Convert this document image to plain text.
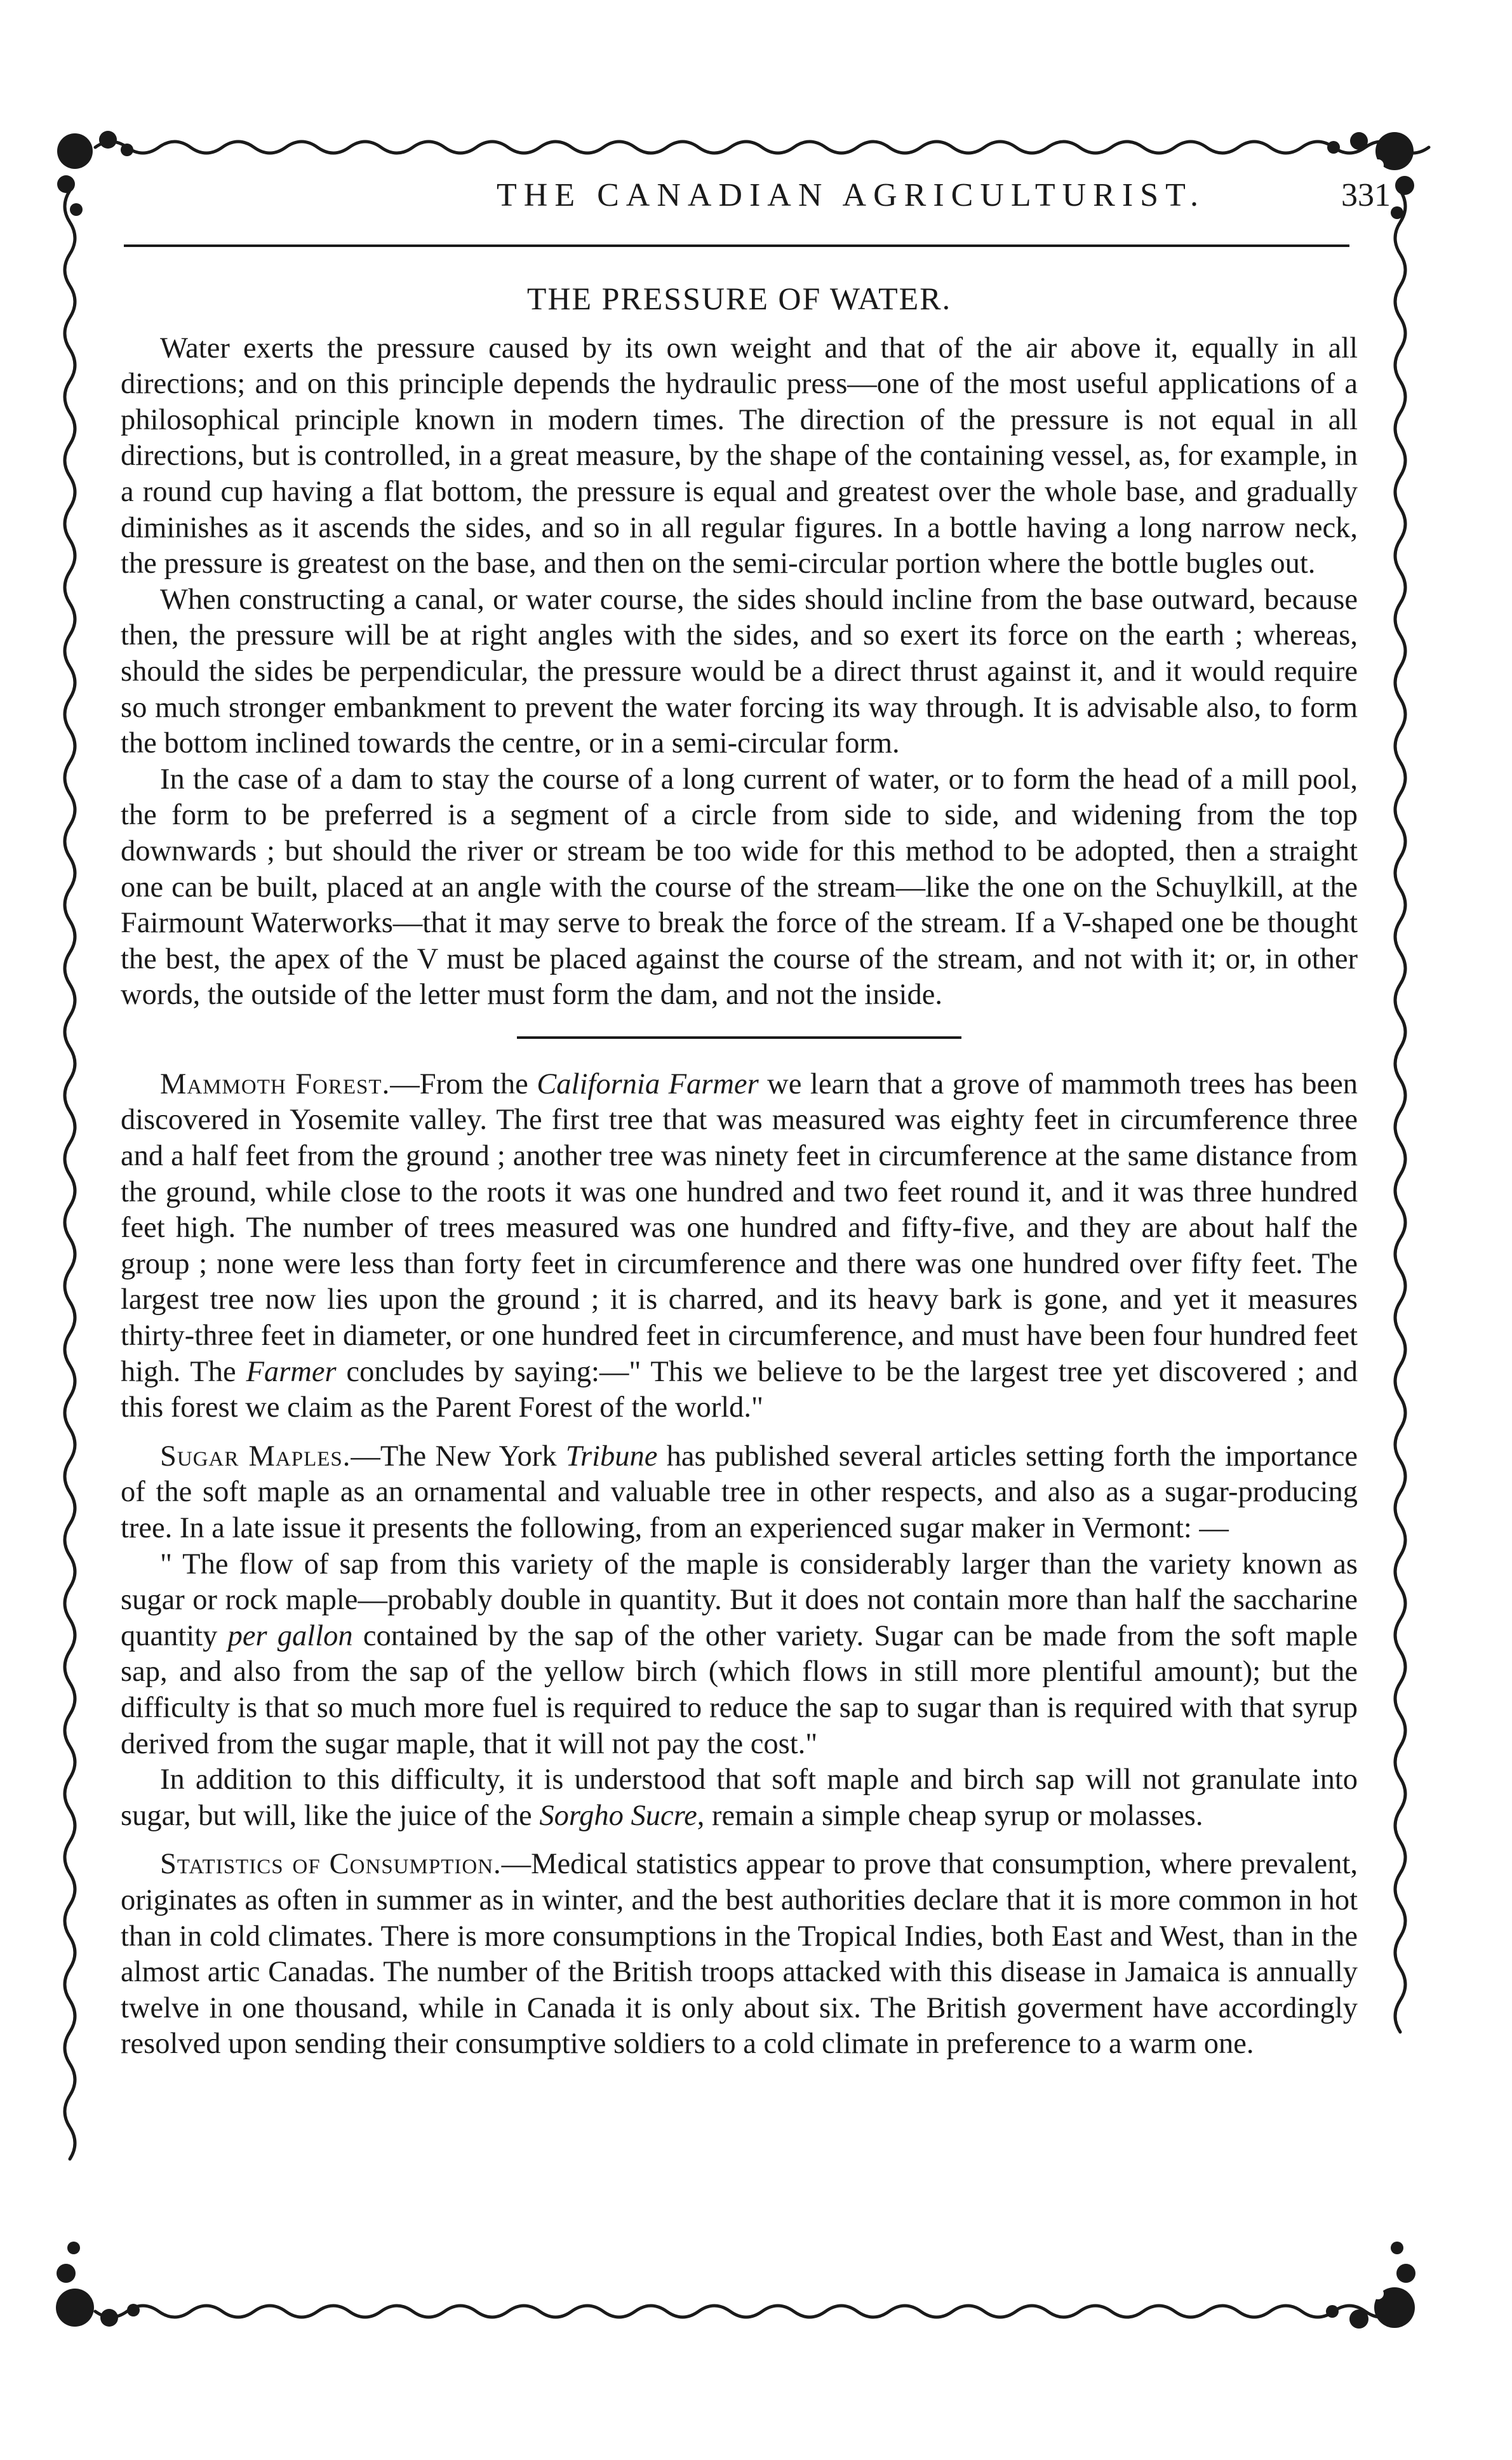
THE CANADIAN AGRICULTURIST.	331
THE PRESSURE OF WATER.

Water exerts the pressure caused by its own weight and that of the air above it, equally in all directions; and on this principle depends the hydraulic press—one of the most useful applications of a philosophical principle known in modern times. The direction of the pressure is not equal in all directions, but is controlled, in a great measure, by the shape of the containing vessel, as, for example, in a round cup having a flat bottom, the pressure is equal and greatest over the whole base, and gradually diminishes as it ascends the sides, and so in all regular figures. In a bottle having a long narrow neck, the pressure is greatest on the base, and then on the semi-circular portion where the bottle bugles out.

When constructing a canal, or water course, the sides should incline from the base outward, because then, the pressure will be at right angles with the sides, and so exert its force on the earth ; whereas, should the sides be perpendicular, the pressure would be a direct thrust against it, and it would require so much stronger embankment to prevent the water forcing its way through. It is advisable also, to form the bottom inclined towards the centre, or in a semi-circular form.

In the case of a dam to stay the course of a long current of water, or to form the head of a mill pool, the form to be preferred is a segment of a circle from side to side, and widening from the top downwards ; but should the river or stream be too wide for this method to be adopted, then a straight one can be built, placed at an angle with the course of the stream—like the one on the Schuylkill, at the Fairmount Waterworks—that it may serve to break the force of the stream. If a V-shaped one be thought the best, the apex of the V must be placed against the course of the stream, and not with it; or, in other words, the outside of the letter must form the dam, and not the inside.

Mammoth Forest.—From the California Farmer we learn that a grove of mammoth trees has been discovered in Yosemite valley. The first tree that was measured was eighty feet in circumference three and a half feet from the ground ; another tree was ninety feet in circumference at the same distance from the ground, while close to the roots it was one hundred and two feet round it, and it was three hundred feet high. The number of trees measured was one hundred and fifty-five, and they are about half the group ; none were less than forty feet in circumference and there was one hundred over fifty feet. The largest tree now lies upon the ground ; it is charred, and its heavy bark is gone, and yet it measures thirty-three feet in diameter, or one hundred feet in circumference, and must have been four hundred feet high. The Farmer concludes by saying:—" This we believe to be the largest tree yet discovered ; and this forest we claim as the Parent Forest of the world."

Sugar Maples.—The New York Tribune has published several articles setting forth the importance of the soft maple as an ornamental and valuable tree in other respects, and also as a sugar-producing tree. In a late issue it presents the following, from an experienced sugar maker in Vermont: —

" The flow of sap from this variety of the maple is considerably larger than the variety known as sugar or rock maple—probably double in quantity. But it does not contain more than half the saccharine quantity per gallon contained by the sap of the other variety. Sugar can be made from the soft maple sap, and also from the sap of the yellow birch (which flows in still more plentiful amount); but the difficulty is that so much more fuel is required to reduce the sap to sugar than is required with that syrup derived from the sugar maple, that it will not pay the cost."

In addition to this difficulty, it is understood that soft maple and birch sap will not granulate into sugar, but will, like the juice of the Sorgho Sucre, remain a simple cheap syrup or molasses.

Statistics of Consumption.—Medical statistics appear to prove that consumption, where prevalent, originates as often in summer as in winter, and the best authorities declare that it is more common in hot than in cold climates. There is more consumptions in the Tropical Indies, both East and West, than in the almost artic Canadas. The number of the British troops attacked with this disease in Jamaica is annually twelve in one thousand, while in Canada it is only about six. The British goverment have accordingly resolved upon sending their consumptive soldiers to a cold climate in preference to a warm one.
